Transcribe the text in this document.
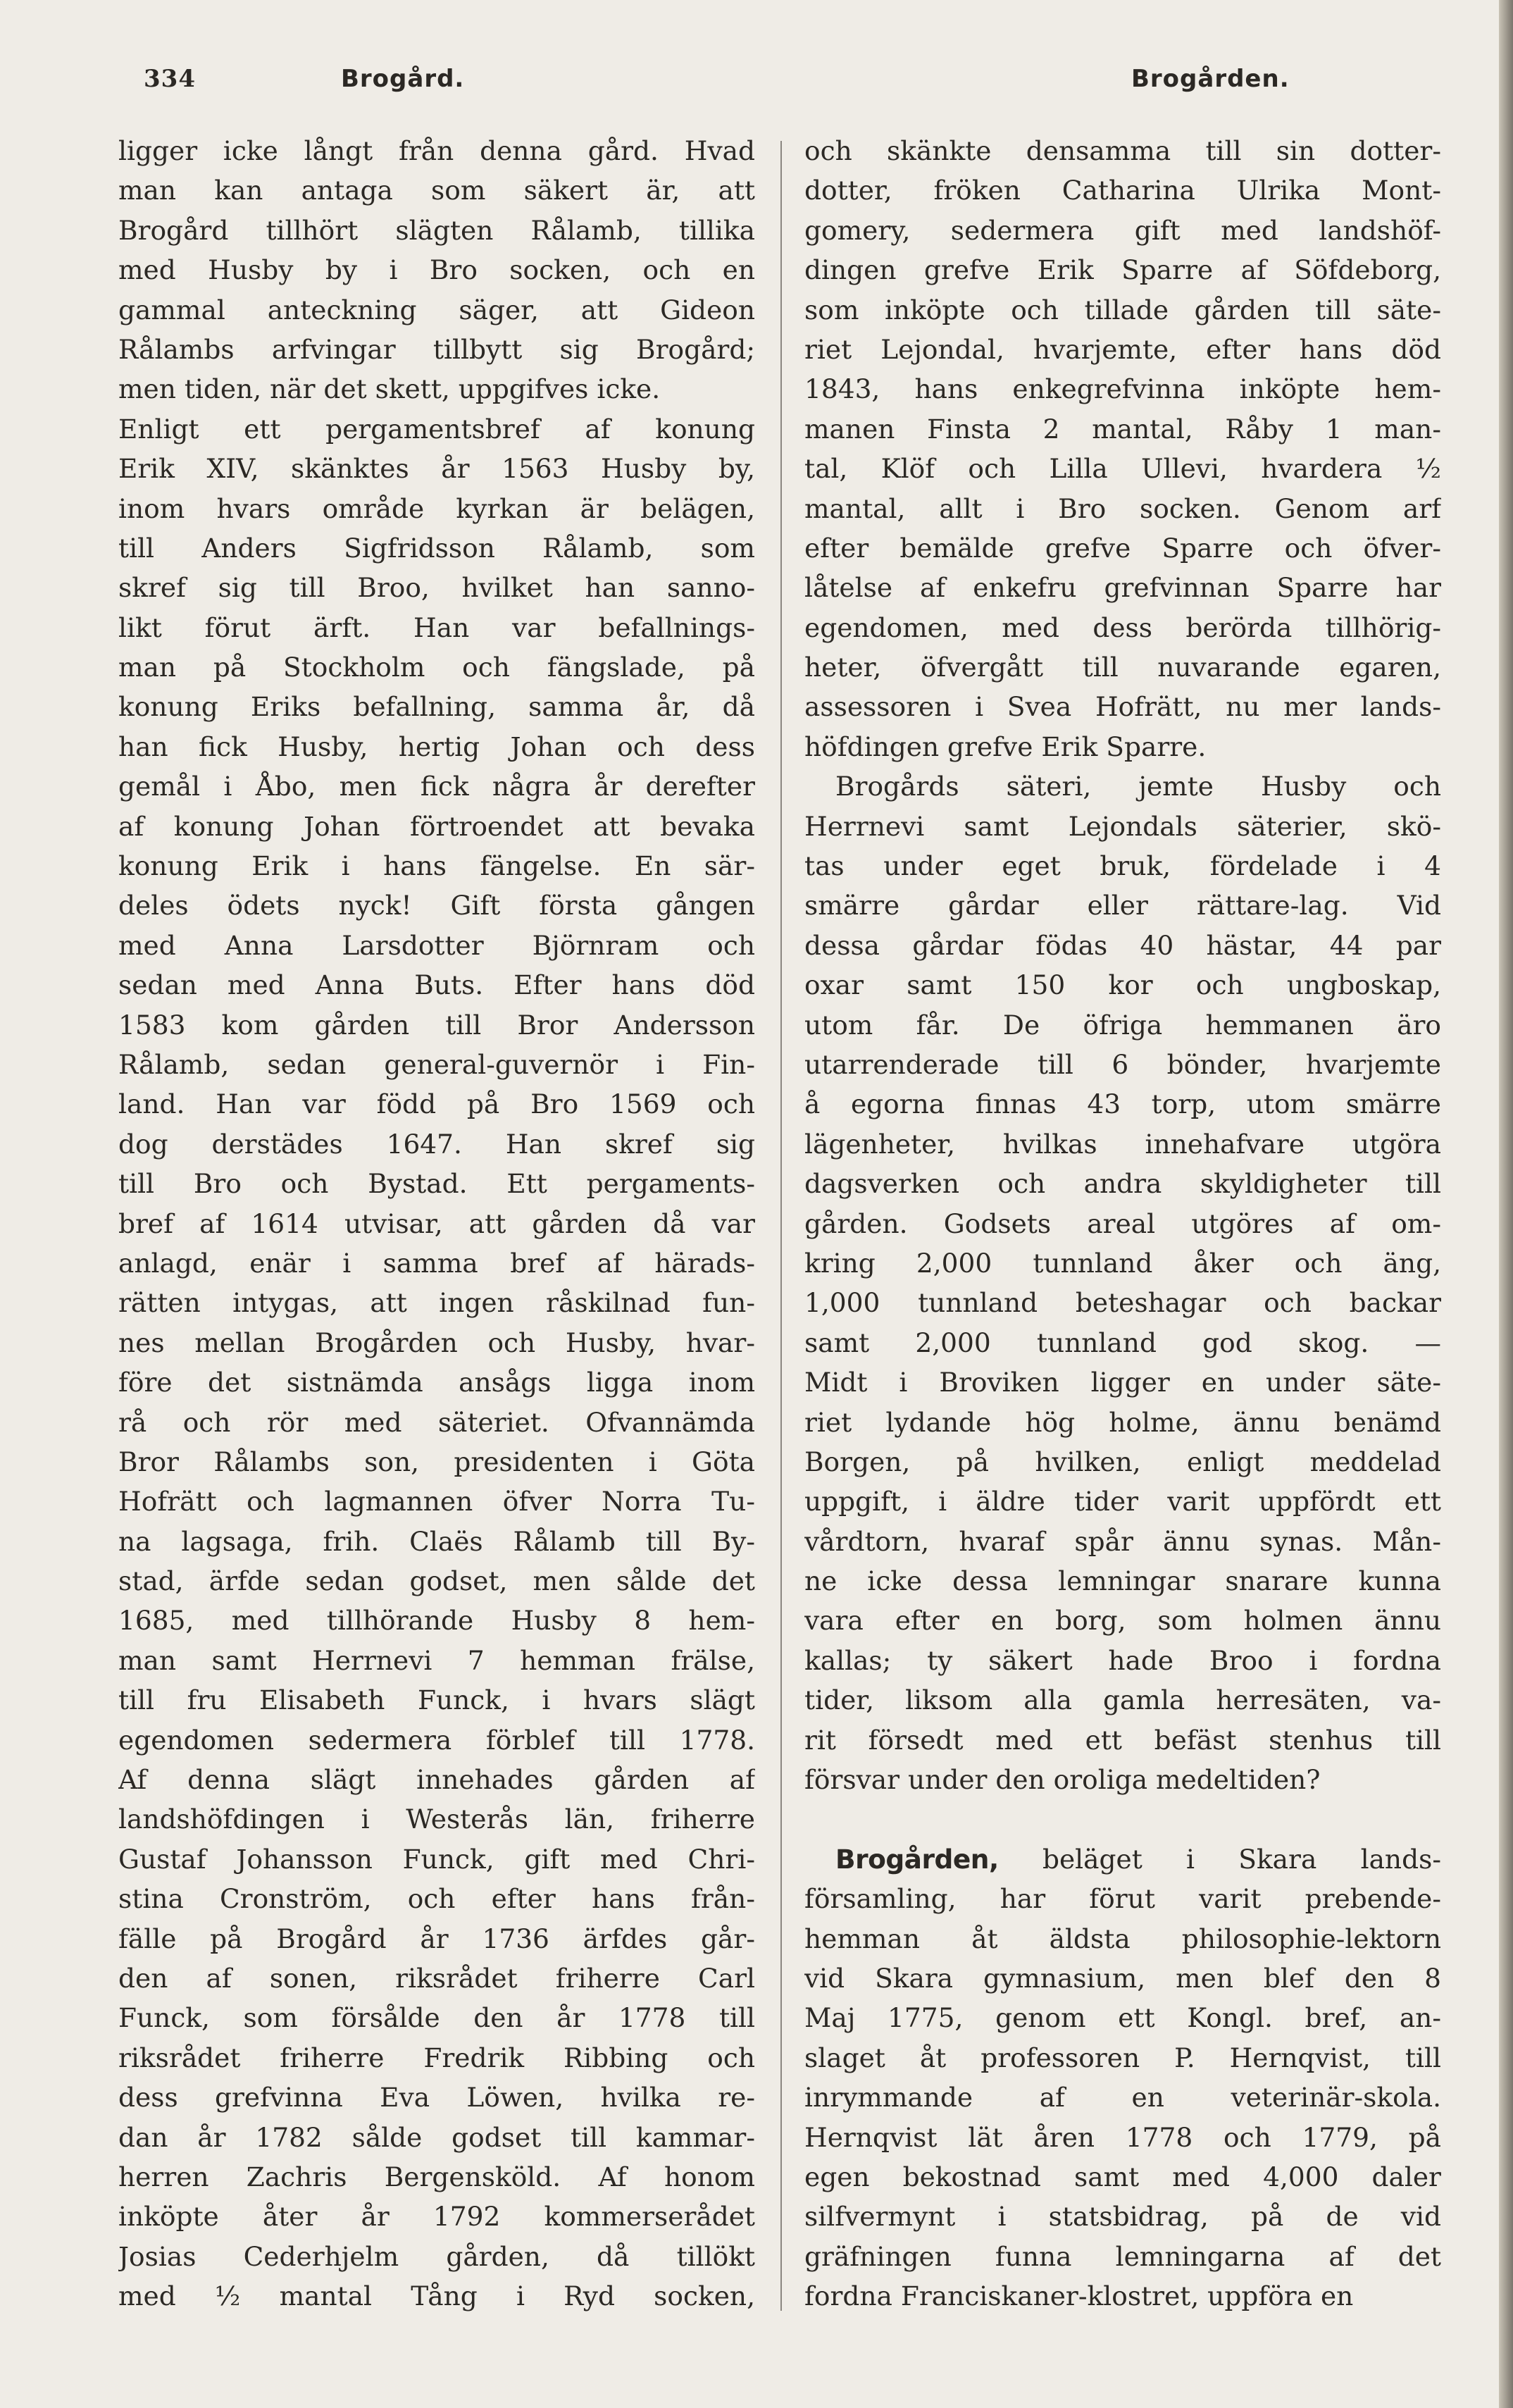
334	Brogård.	Brogården.
ligger icke långt från denna gård. Hvad
man kan antaga som säkert är, att
Brogård tillhört slägten Rålamb, tillika
med Husby by i Bro socken, och en
gammal anteckning säger, att Gideon
Rålambs arfvingar tillbytt sig Brogård;
men tiden, när det skett, uppgifves icke.
Enligt ett pergamentsbref af konung
Erik XIV, skänktes år 1563 Husby by,
inom hvars område kyrkan är belägen,
till Anders Sigfridsson Rålamb, som
skref sig till Broo, hvilket han sanno-
likt förut ärft. Han var befallnings-
man på Stockholm och fängslade, på
konung Eriks befallning, samma år, då
han fick Husby, hertig Johan och dess
gemål i Åbo, men fick några år derefter
af konung Johan förtroendet att bevaka
konung Erik i hans fängelse. En sär-
deles ödets nyck! Gift första gången
med Anna Larsdotter Björnram och
sedan med Anna Buts. Efter hans död
1583 kom gården till Bror Andersson
Rålamb, sedan general-guvernör i Fin-
land. Han var född på Bro 1569 och
dog derstädes 1647. Han skref sig
till Bro och Bystad. Ett pergaments-
bref af 1614 utvisar, att gården då var
anlagd, enär i samma bref af härads-
rätten intygas, att ingen råskilnad fun-
nes mellan Brogården och Husby, hvar-
före det sistnämda ansågs ligga inom
rå och rör med säteriet. Ofvannämda
Bror Rålambs son, presidenten i Göta
Hofrätt och lagmannen öfver Norra Tu-
na lagsaga, frih. Claës Rålamb till By-
stad, ärfde sedan godset, men sålde det
1685, med tillhörande Husby 8 hem-
man samt Herrnevi 7 hemman frälse,
till fru Elisabeth Funck, i hvars slägt
egendomen sedermera förblef till 1778.
Af denna slägt innehades gården af
landshöfdingen i Westerås län, friherre
Gustaf Johansson Funck, gift med Chri-
stina Cronström, och efter hans från-
fälle på Brogård år 1736 ärfdes går-
den af sonen, riksrådet friherre Carl
Funck, som försålde den år 1778 till
riksrådet friherre Fredrik Ribbing och
dess grefvinna Eva Löwen, hvilka re-
dan år 1782 sålde godset till kammar-
herren Zachris Bergensköld. Af honom
inköpte åter år 1792 kommerserådet
Josias Cederhjelm gården, då tillökt
med ½ mantal Tång i Ryd socken,
och skänkte densamma till sin dotter-
dotter, fröken Catharina Ulrika Mont-
gomery, sedermera gift med landshöf-
dingen grefve Erik Sparre af Söfdeborg,
som inköpte och tillade gården till säte-
riet Lejondal, hvarjemte, efter hans död
1843, hans enkegrefvinna inköpte hem-
manen Finsta 2 mantal, Råby 1 man-
tal, Klöf och Lilla Ullevi, hvardera ½
mantal, allt i Bro socken. Genom arf
efter bemälde grefve Sparre och öfver-
låtelse af enkefru grefvinnan Sparre har
egendomen, med dess berörda tillhörig-
heter, öfvergått till nuvarande egaren,
assessoren i Svea Hofrätt, nu mer lands-
höfdingen grefve Erik Sparre.
Brogårds säteri, jemte Husby och
Herrnevi samt Lejondals säterier, skö-
tas under eget bruk, fördelade i 4
smärre gårdar eller rättare-lag. Vid
dessa gårdar födas 40 hästar, 44 par
oxar samt 150 kor och ungboskap,
utom får. De öfriga hemmanen äro
utarrenderade till 6 bönder, hvarjemte
å egorna finnas 43 torp, utom smärre
lägenheter, hvilkas innehafvare utgöra
dagsverken och andra skyldigheter till
gården. Godsets areal utgöres af om-
kring 2,000 tunnland åker och äng,
1,000 tunnland beteshagar och backar
samt 2,000 tunnland god skog. —
Midt i Broviken ligger en under säte-
riet lydande hög holme, ännu benämd
Borgen, på hvilken, enligt meddelad
uppgift, i äldre tider varit uppfördt ett
vårdtorn, hvaraf spår ännu synas. Mån-
ne icke dessa lemningar snarare kunna
vara efter en borg, som holmen ännu
kallas; ty säkert hade Broo i fordna
tider, liksom alla gamla herresäten, va-
rit försedt med ett befäst stenhus till
försvar under den oroliga medeltiden?
Brogården, beläget i Skara lands-
församling, har förut varit prebende-
hemman åt äldsta philosophie-lektorn
vid Skara gymnasium, men blef den 8
Maj 1775, genom ett Kongl. bref, an-
slaget åt professoren P. Hernqvist, till
inrymmande af en veterinär-skola.
Hernqvist lät åren 1778 och 1779, på
egen bekostnad samt med 4,000 daler
silfvermynt i statsbidrag, på de vid
gräfningen funna lemningarna af det
fordna Franciskaner-klostret, uppföra en
